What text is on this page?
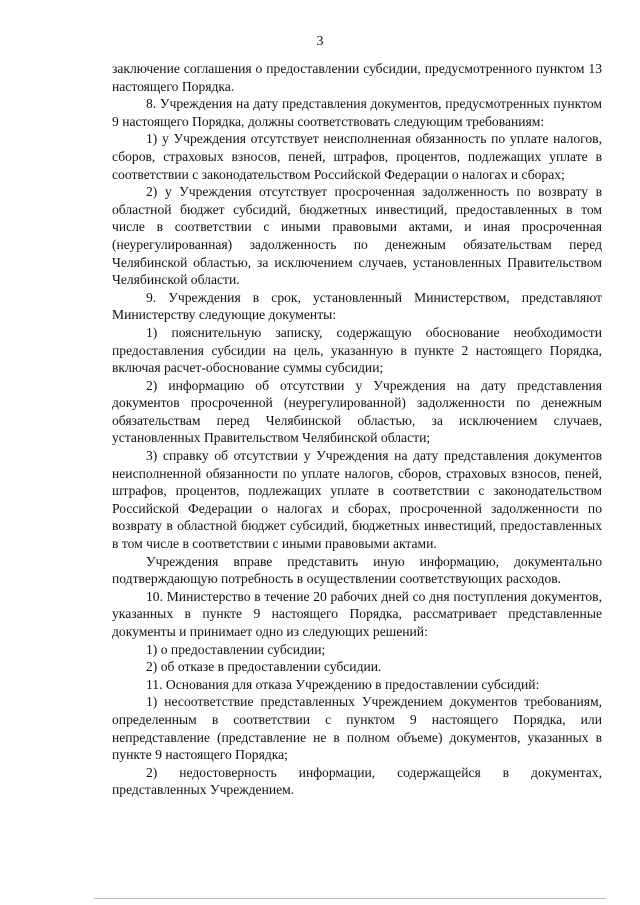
3

заключение соглашения о предоставлении субсидии, предусмотренного пунктом 13 настоящего Порядка.

8. Учреждения на дату представления документов, предусмотренных пунктом 9 настоящего Порядка, должны соответствовать следующим требованиям:

1) у Учреждения отсутствует неисполненная обязанность по уплате налогов, сборов, страховых взносов, пеней, штрафов, процентов, подлежащих уплате в соответствии с законодательством Российской Федерации о налогах и сборах;

2) у Учреждения отсутствует просроченная задолженность по возврату в областной бюджет субсидий, бюджетных инвестиций, предоставленных в том числе в соответствии с иными правовыми актами, и иная просроченная (неурегулированная) задолженность по денежным обязательствам перед Челябинской областью, за исключением случаев, установленных Правительством Челябинской области.

9. Учреждения в срок, установленный Министерством, представляют Министерству следующие документы:

1) пояснительную записку, содержащую обоснование необходимости предоставления субсидии на цель, указанную в пункте 2 настоящего Порядка, включая расчет-обоснование суммы субсидии;

2) информацию об отсутствии у Учреждения на дату представления документов просроченной (неурегулированной) задолженности по денежным обязательствам перед Челябинской областью, за исключением случаев, установленных Правительством Челябинской области;

3) справку об отсутствии у Учреждения на дату представления документов неисполненной обязанности по уплате налогов, сборов, страховых взносов, пеней, штрафов, процентов, подлежащих уплате в соответствии с законодательством Российской Федерации о налогах и сборах, просроченной задолженности по возврату в областной бюджет субсидий, бюджетных инвестиций, предоставленных в том числе в соответствии с иными правовыми актами.

Учреждения вправе представить иную информацию, документально подтверждающую потребность в осуществлении соответствующих расходов.

10. Министерство в течение 20 рабочих дней со дня поступления документов, указанных в пункте 9 настоящего Порядка, рассматривает представленные документы и принимает одно из следующих решений:

1) о предоставлении субсидии;

2) об отказе в предоставлении субсидии.

11. Основания для отказа Учреждению в предоставлении субсидий:

1) несоответствие представленных Учреждением документов требованиям, определенным в соответствии с пунктом 9 настоящего Порядка, или непредставление (представление не в полном объеме) документов, указанных в пункте 9 настоящего Порядка;

2) недостоверность информации, содержащейся в документах, представленных Учреждением.
